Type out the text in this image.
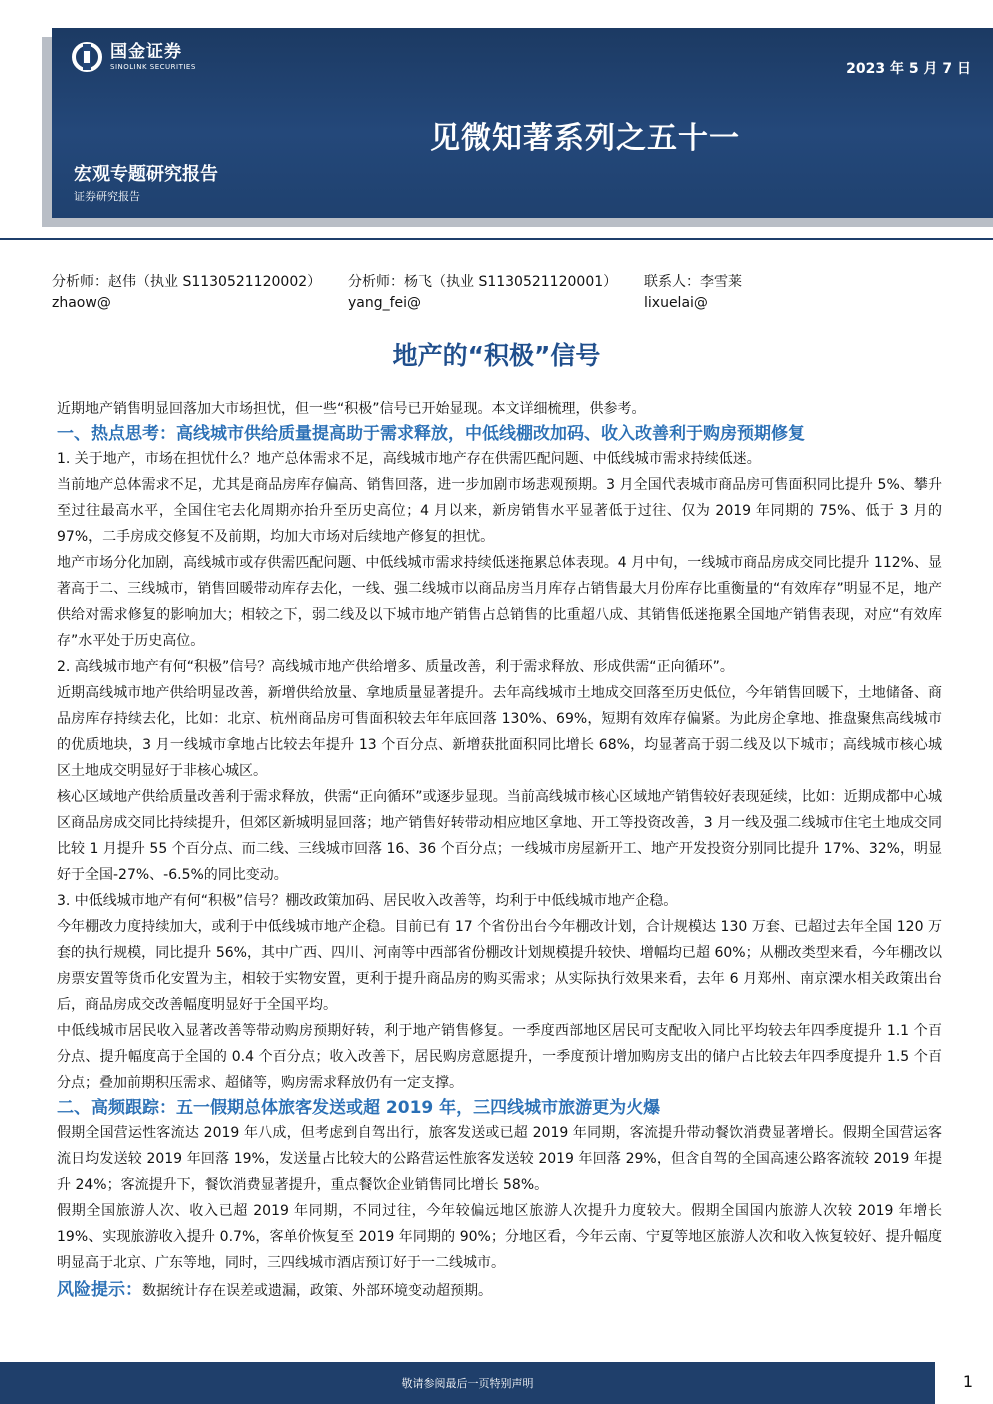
国金证券
SINOLINK SECURITIES	2023 年 5 月 7 日
见微知著系列之五十一
宏观专题研究报告
证券研究报告
分析师：赵伟（执业 S1130521120002）
zhaow@
分析师：杨飞（执业 S1130521120001）
yang_fei@
联系人：李雪莱
lixuelai@
地产的“积极”信号

近期地产销售明显回落加大市场担忧，但一些“积极”信号已开始显现。本文详细梳理，供参考。

一、热点思考：高线城市供给质量提高助于需求释放，中低线棚改加码、收入改善利于购房预期修复

1. 关于地产，市场在担忧什么？地产总体需求不足，高线城市地产存在供需匹配问题、中低线城市需求持续低迷。

当前地产总体需求不足，尤其是商品房库存偏高、销售回落，进一步加剧市场悲观预期。3 月全国代表城市商品房可售面积同比提升 5%、攀升至过往最高水平，全国住宅去化周期亦抬升至历史高位；4 月以来，新房销售水平显著低于过往、仅为 2019 年同期的 75%、低于 3 月的 97%，二手房成交修复不及前期，均加大市场对后续地产修复的担忧。

地产市场分化加剧，高线城市或存供需匹配问题、中低线城市需求持续低迷拖累总体表现。4 月中旬，一线城市商品房成交同比提升 112%、显著高于二、三线城市，销售回暖带动库存去化，一线、强二线城市以商品房当月库存占销售最大月份库存比重衡量的“有效库存”明显不足，地产供给对需求修复的影响加大；相较之下，弱二线及以下城市地产销售占总销售的比重超八成、其销售低迷拖累全国地产销售表现，对应“有效库存”水平处于历史高位。

2. 高线城市地产有何“积极”信号？高线城市地产供给增多、质量改善，利于需求释放、形成供需“正向循环”。

近期高线城市地产供给明显改善，新增供给放量、拿地质量显著提升。去年高线城市土地成交回落至历史低位，今年销售回暖下，土地储备、商品房库存持续去化，比如：北京、杭州商品房可售面积较去年年底回落 130%、69%，短期有效库存偏紧。为此房企拿地、推盘聚焦高线城市的优质地块，3 月一线城市拿地占比较去年提升 13 个百分点、新增获批面积同比增长 68%，均显著高于弱二线及以下城市；高线城市核心城区土地成交明显好于非核心城区。

核心区域地产供给质量改善利于需求释放，供需“正向循环”或逐步显现。当前高线城市核心区域地产销售较好表现延续，比如：近期成都中心城区商品房成交同比持续提升，但郊区新城明显回落；地产销售好转带动相应地区拿地、开工等投资改善，3 月一线及强二线城市住宅土地成交同比较 1 月提升 55 个百分点、而二线、三线城市回落 16、36 个百分点；一线城市房屋新开工、地产开发投资分别同比提升 17%、32%，明显好于全国-27%、-6.5%的同比变动。

3. 中低线城市地产有何“积极”信号？棚改政策加码、居民收入改善等，均利于中低线城市地产企稳。

今年棚改力度持续加大，或利于中低线城市地产企稳。目前已有 17 个省份出台今年棚改计划，合计规模达 130 万套、已超过去年全国 120 万套的执行规模，同比提升 56%，其中广西、四川、河南等中西部省份棚改计划规模提升较快、增幅均已超 60%；从棚改类型来看，今年棚改以房票安置等货币化安置为主，相较于实物安置，更利于提升商品房的购买需求；从实际执行效果来看，去年 6 月郑州、南京溧水相关政策出台后，商品房成交改善幅度明显好于全国平均。

中低线城市居民收入显著改善等带动购房预期好转，利于地产销售修复。一季度西部地区居民可支配收入同比平均较去年四季度提升 1.1 个百分点、提升幅度高于全国的 0.4 个百分点；收入改善下，居民购房意愿提升，一季度预计增加购房支出的储户占比较去年四季度提升 1.5 个百分点；叠加前期积压需求、超储等，购房需求释放仍有一定支撑。

二、高频跟踪：五一假期总体旅客发送或超 2019 年，三四线城市旅游更为火爆

假期全国营运性客流达 2019 年八成，但考虑到自驾出行，旅客发送或已超 2019 年同期，客流提升带动餐饮消费显著增长。假期全国营运客流日均发送较 2019 年回落 19%，发送量占比较大的公路营运性旅客发送较 2019 年回落 29%，但含自驾的全国高速公路客流较 2019 年提升 24%；客流提升下，餐饮消费显著提升，重点餐饮企业销售同比增长 58%。

假期全国旅游人次、收入已超 2019 年同期，不同过往，今年较偏远地区旅游人次提升力度较大。假期全国国内旅游人次较 2019 年增长 19%、实现旅游收入提升 0.7%，客单价恢复至 2019 年同期的 90%；分地区看，今年云南、宁夏等地区旅游人次和收入恢复较好、提升幅度明显高于北京、广东等地，同时，三四线城市酒店预订好于一二线城市。

风险提示：数据统计存在误差或遗漏，政策、外部环境变动超预期。
敬请参阅最后一页特别声明	1
